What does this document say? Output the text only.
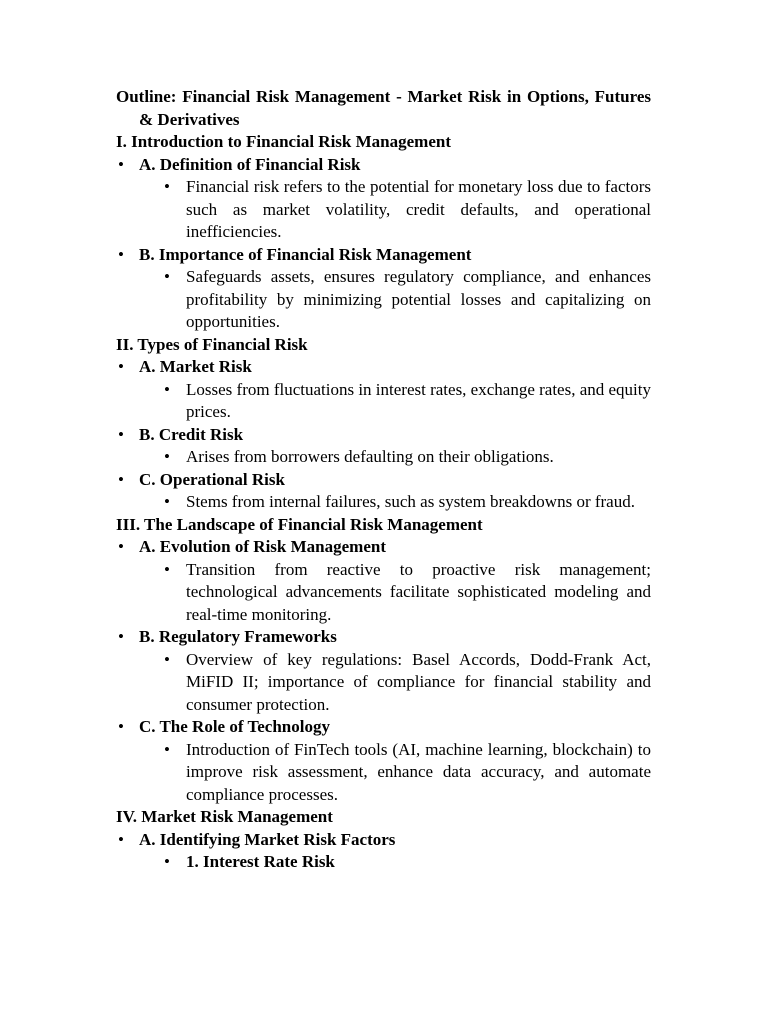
Outline: Financial Risk Management - Market Risk in Options, Futures & Derivatives

I. Introduction to Financial Risk Management

• A. Definition of Financial Risk
• Financial risk refers to the potential for monetary loss due to factors such as market volatility, credit defaults, and operational inefficiencies.
• B. Importance of Financial Risk Management
• Safeguards assets, ensures regulatory compliance, and enhances profitability by minimizing potential losses and capitalizing on opportunities.

II. Types of Financial Risk

• A. Market Risk
• Losses from fluctuations in interest rates, exchange rates, and equity prices.
• B. Credit Risk
• Arises from borrowers defaulting on their obligations.
• C. Operational Risk
• Stems from internal failures, such as system breakdowns or fraud.

III. The Landscape of Financial Risk Management

• A. Evolution of Risk Management
• Transition from reactive to proactive risk management; technological advancements facilitate sophisticated modeling and real-time monitoring.
• B. Regulatory Frameworks
• Overview of key regulations: Basel Accords, Dodd-Frank Act, MiFID II; importance of compliance for financial stability and consumer protection.
• C. The Role of Technology
• Introduction of FinTech tools (AI, machine learning, blockchain) to improve risk assessment, enhance data accuracy, and automate compliance processes.

IV. Market Risk Management

• A. Identifying Market Risk Factors
• 1. Interest Rate Risk
